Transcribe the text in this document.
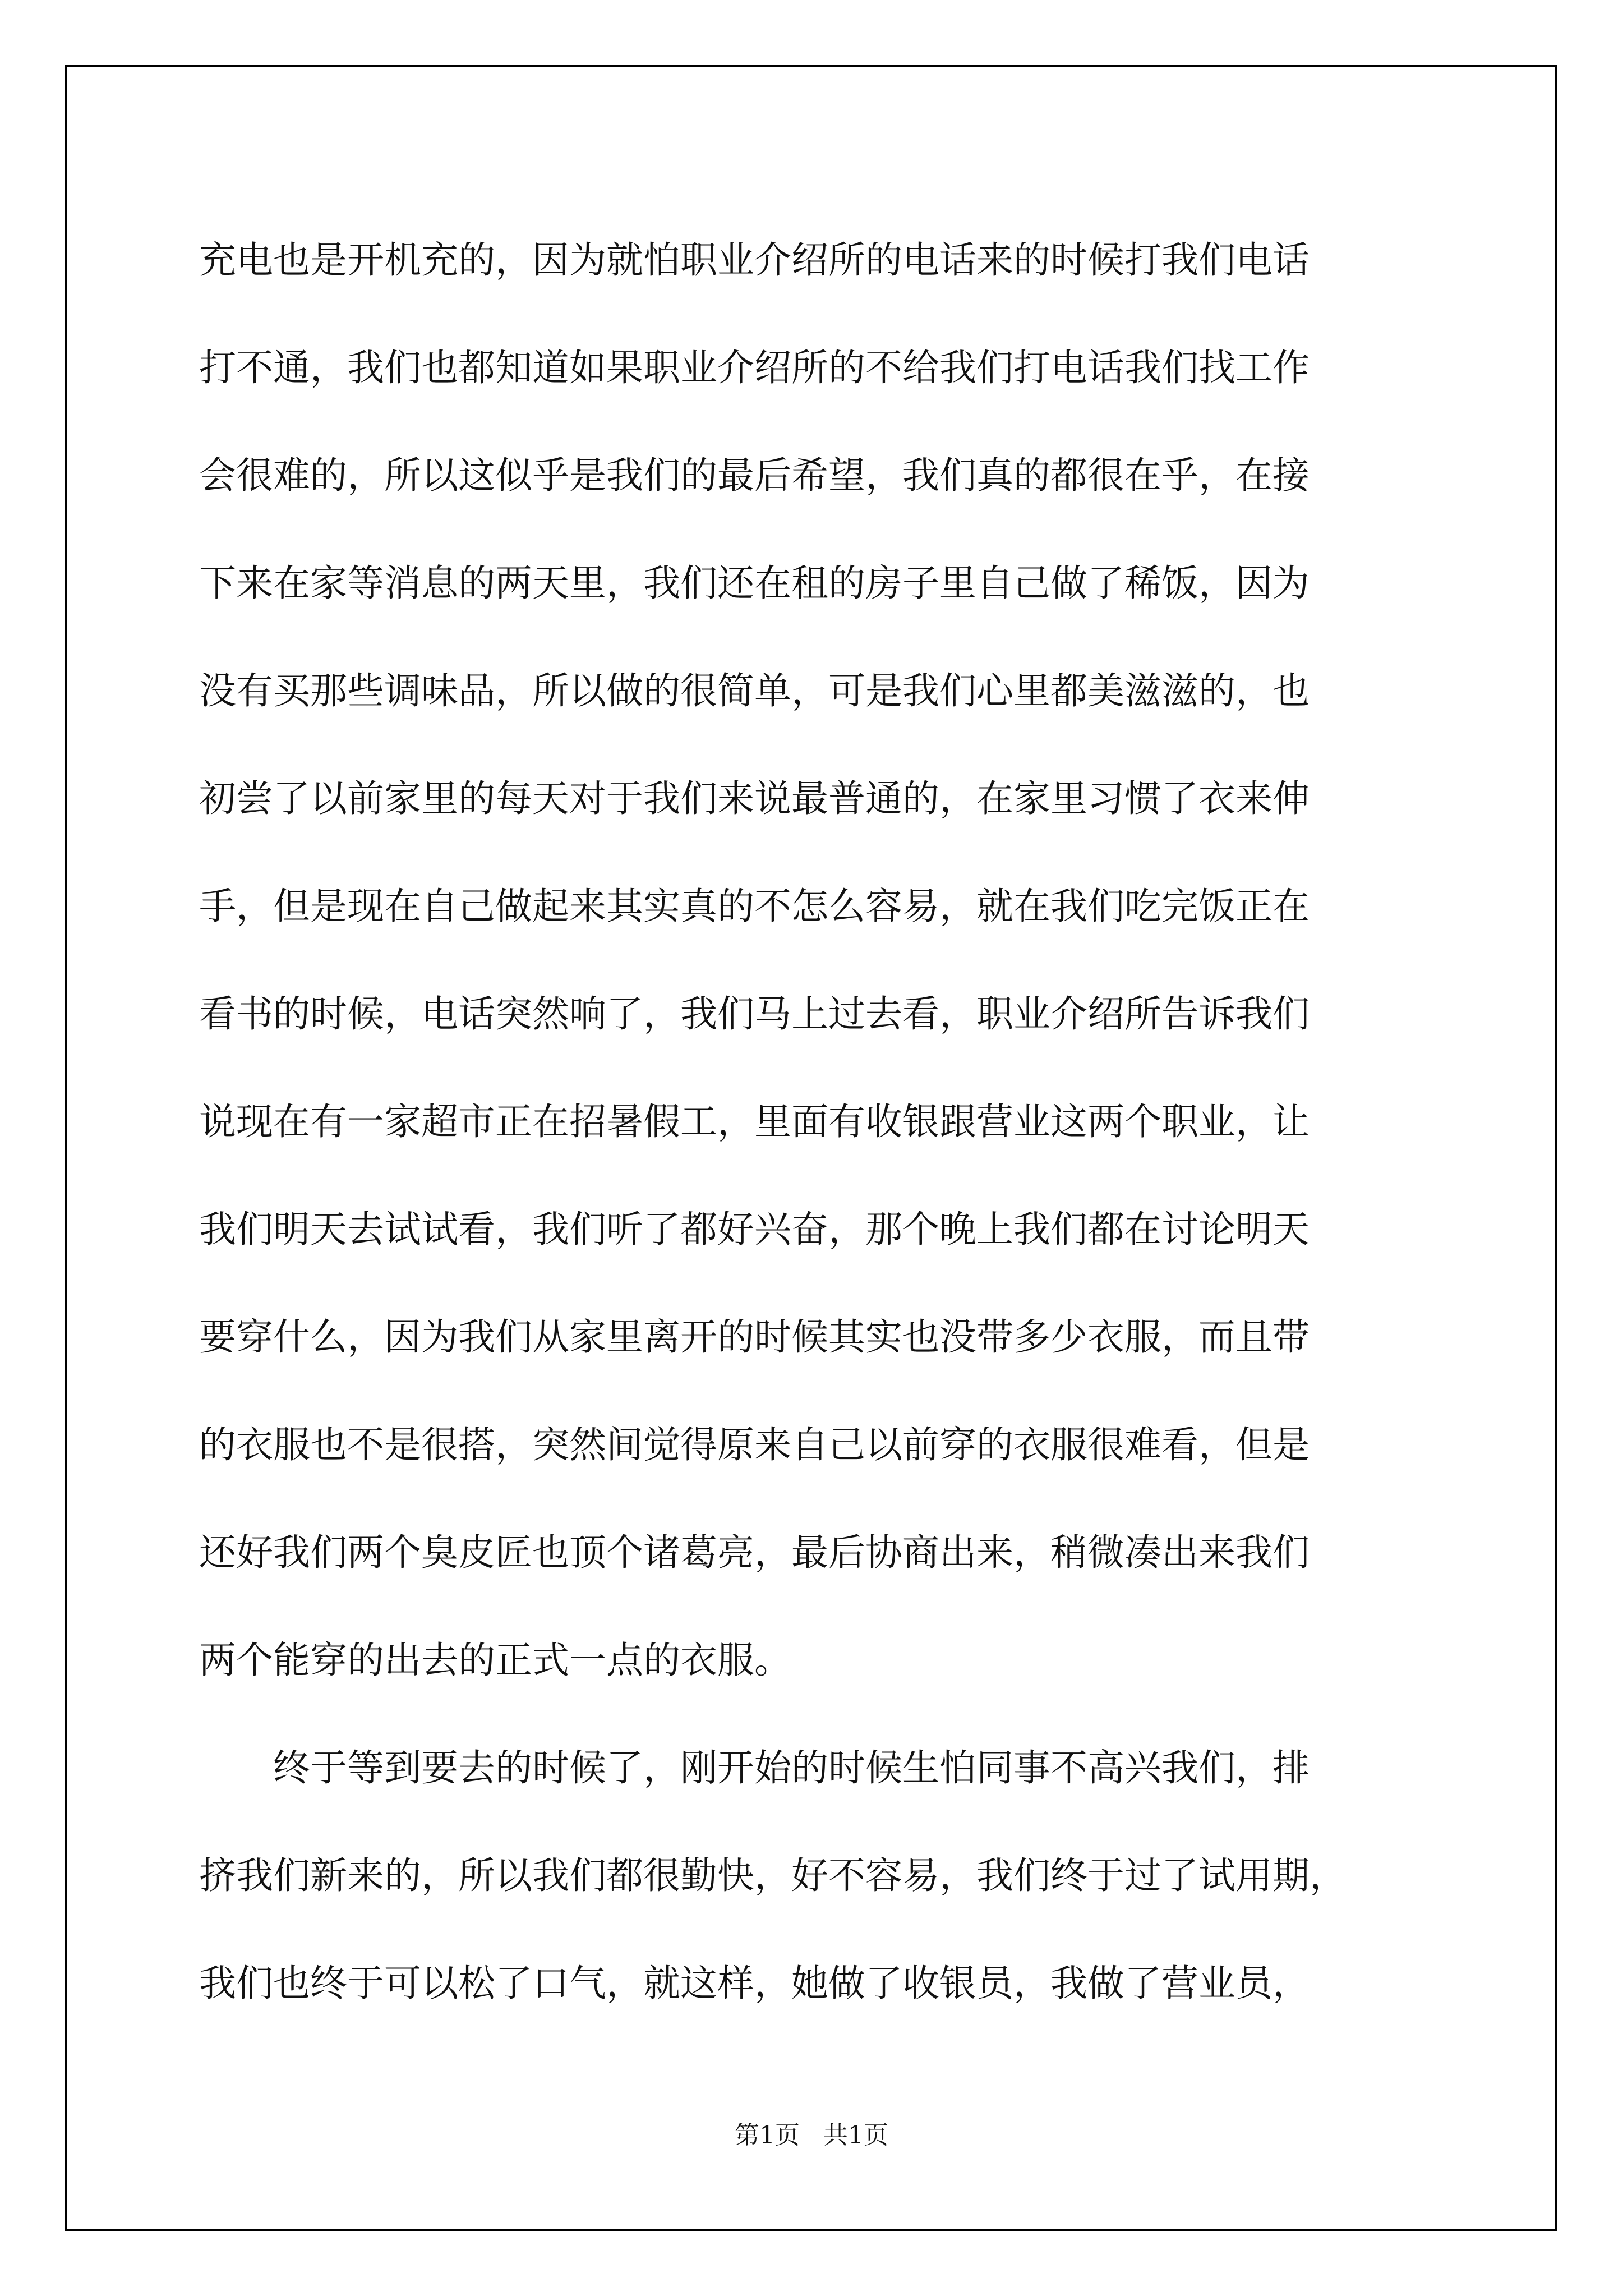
充电也是开机充的，因为就怕职业介绍所的电话来的时候打我们电话

打不通，我们也都知道如果职业介绍所的不给我们打电话我们找工作

会很难的，所以这似乎是我们的最后希望，我们真的都很在乎，在接

下来在家等消息的两天里，我们还在租的房子里自己做了稀饭，因为

没有买那些调味品，所以做的很简单，可是我们心里都美滋滋的，也

初尝了以前家里的每天对于我们来说最普通的，在家里习惯了衣来伸

手，但是现在自己做起来其实真的不怎么容易，就在我们吃完饭正在

看书的时候，电话突然响了，我们马上过去看，职业介绍所告诉我们

说现在有一家超市正在招暑假工，里面有收银跟营业这两个职业，让

我们明天去试试看，我们听了都好兴奋，那个晚上我们都在讨论明天

要穿什么，因为我们从家里离开的时候其实也没带多少衣服，而且带

的衣服也不是很搭，突然间觉得原来自己以前穿的衣服很难看，但是

还好我们两个臭皮匠也顶个诸葛亮，最后协商出来，稍微凑出来我们

两个能穿的出去的正式一点的衣服。

　　终于等到要去的时候了，刚开始的时候生怕同事不高兴我们，排

挤我们新来的，所以我们都很勤快，好不容易，我们终于过了试用期，

我们也终于可以松了口气，就这样，她做了收银员，我做了营业员，

第1页   共1页
